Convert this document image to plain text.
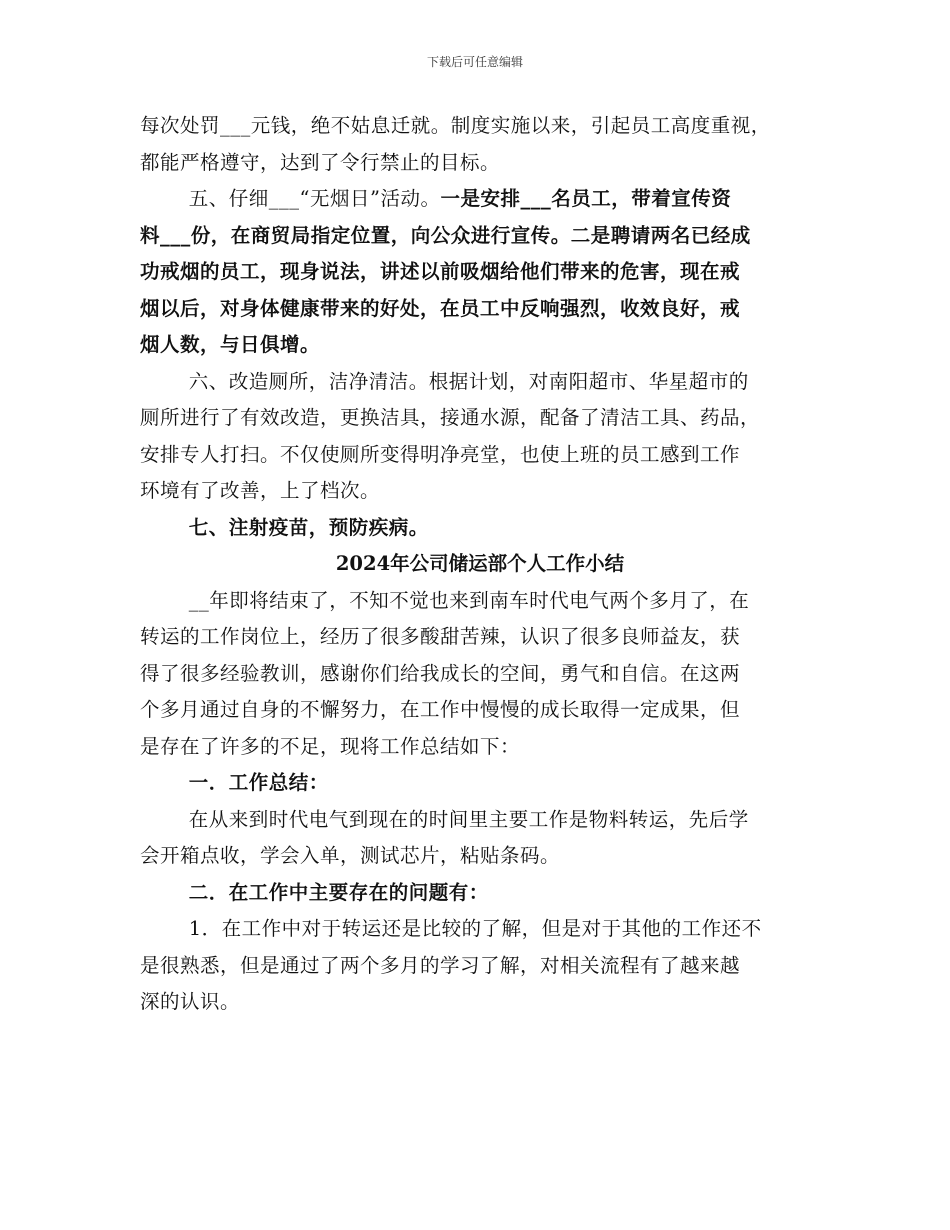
下载后可任意编辑

每次处罚___元钱，绝不姑息迁就。制度实施以来，引起员工高度重视，

都能严格遵守，达到了令行禁止的目标。

五、仔细___“无烟日”活动。一是安排___名员工，带着宣传资

料___份，在商贸局指定位置，向公众进行宣传。二是聘请两名已经成

功戒烟的员工，现身说法，讲述以前吸烟给他们带来的危害，现在戒

烟以后，对身体健康带来的好处，在员工中反响强烈，收效良好，戒

烟人数，与日俱增。

六、改造厕所，洁净清洁。根据计划，对南阳超市、华星超市的

厕所进行了有效改造，更换洁具，接通水源，配备了清洁工具、药品，

安排专人打扫。不仅使厕所变得明净亮堂，也使上班的员工感到工作

环境有了改善，上了档次。

七、注射疫苗，预防疾病。

2024年公司储运部个人工作小结

__年即将结束了，不知不觉也来到南车时代电气两个多月了，在

转运的工作岗位上，经历了很多酸甜苦辣，认识了很多良师益友，获

得了很多经验教训，感谢你们给我成长的空间，勇气和自信。在这两

个多月通过自身的不懈努力，在工作中慢慢的成长取得一定成果，但

是存在了许多的不足，现将工作总结如下：

一．工作总结：

在从来到时代电气到现在的时间里主要工作是物料转运，先后学

会开箱点收，学会入单，测试芯片，粘贴条码。

二．在工作中主要存在的问题有：

1．在工作中对于转运还是比较的了解，但是对于其他的工作还不

是很熟悉，但是通过了两个多月的学习了解，对相关流程有了越来越

深的认识。
